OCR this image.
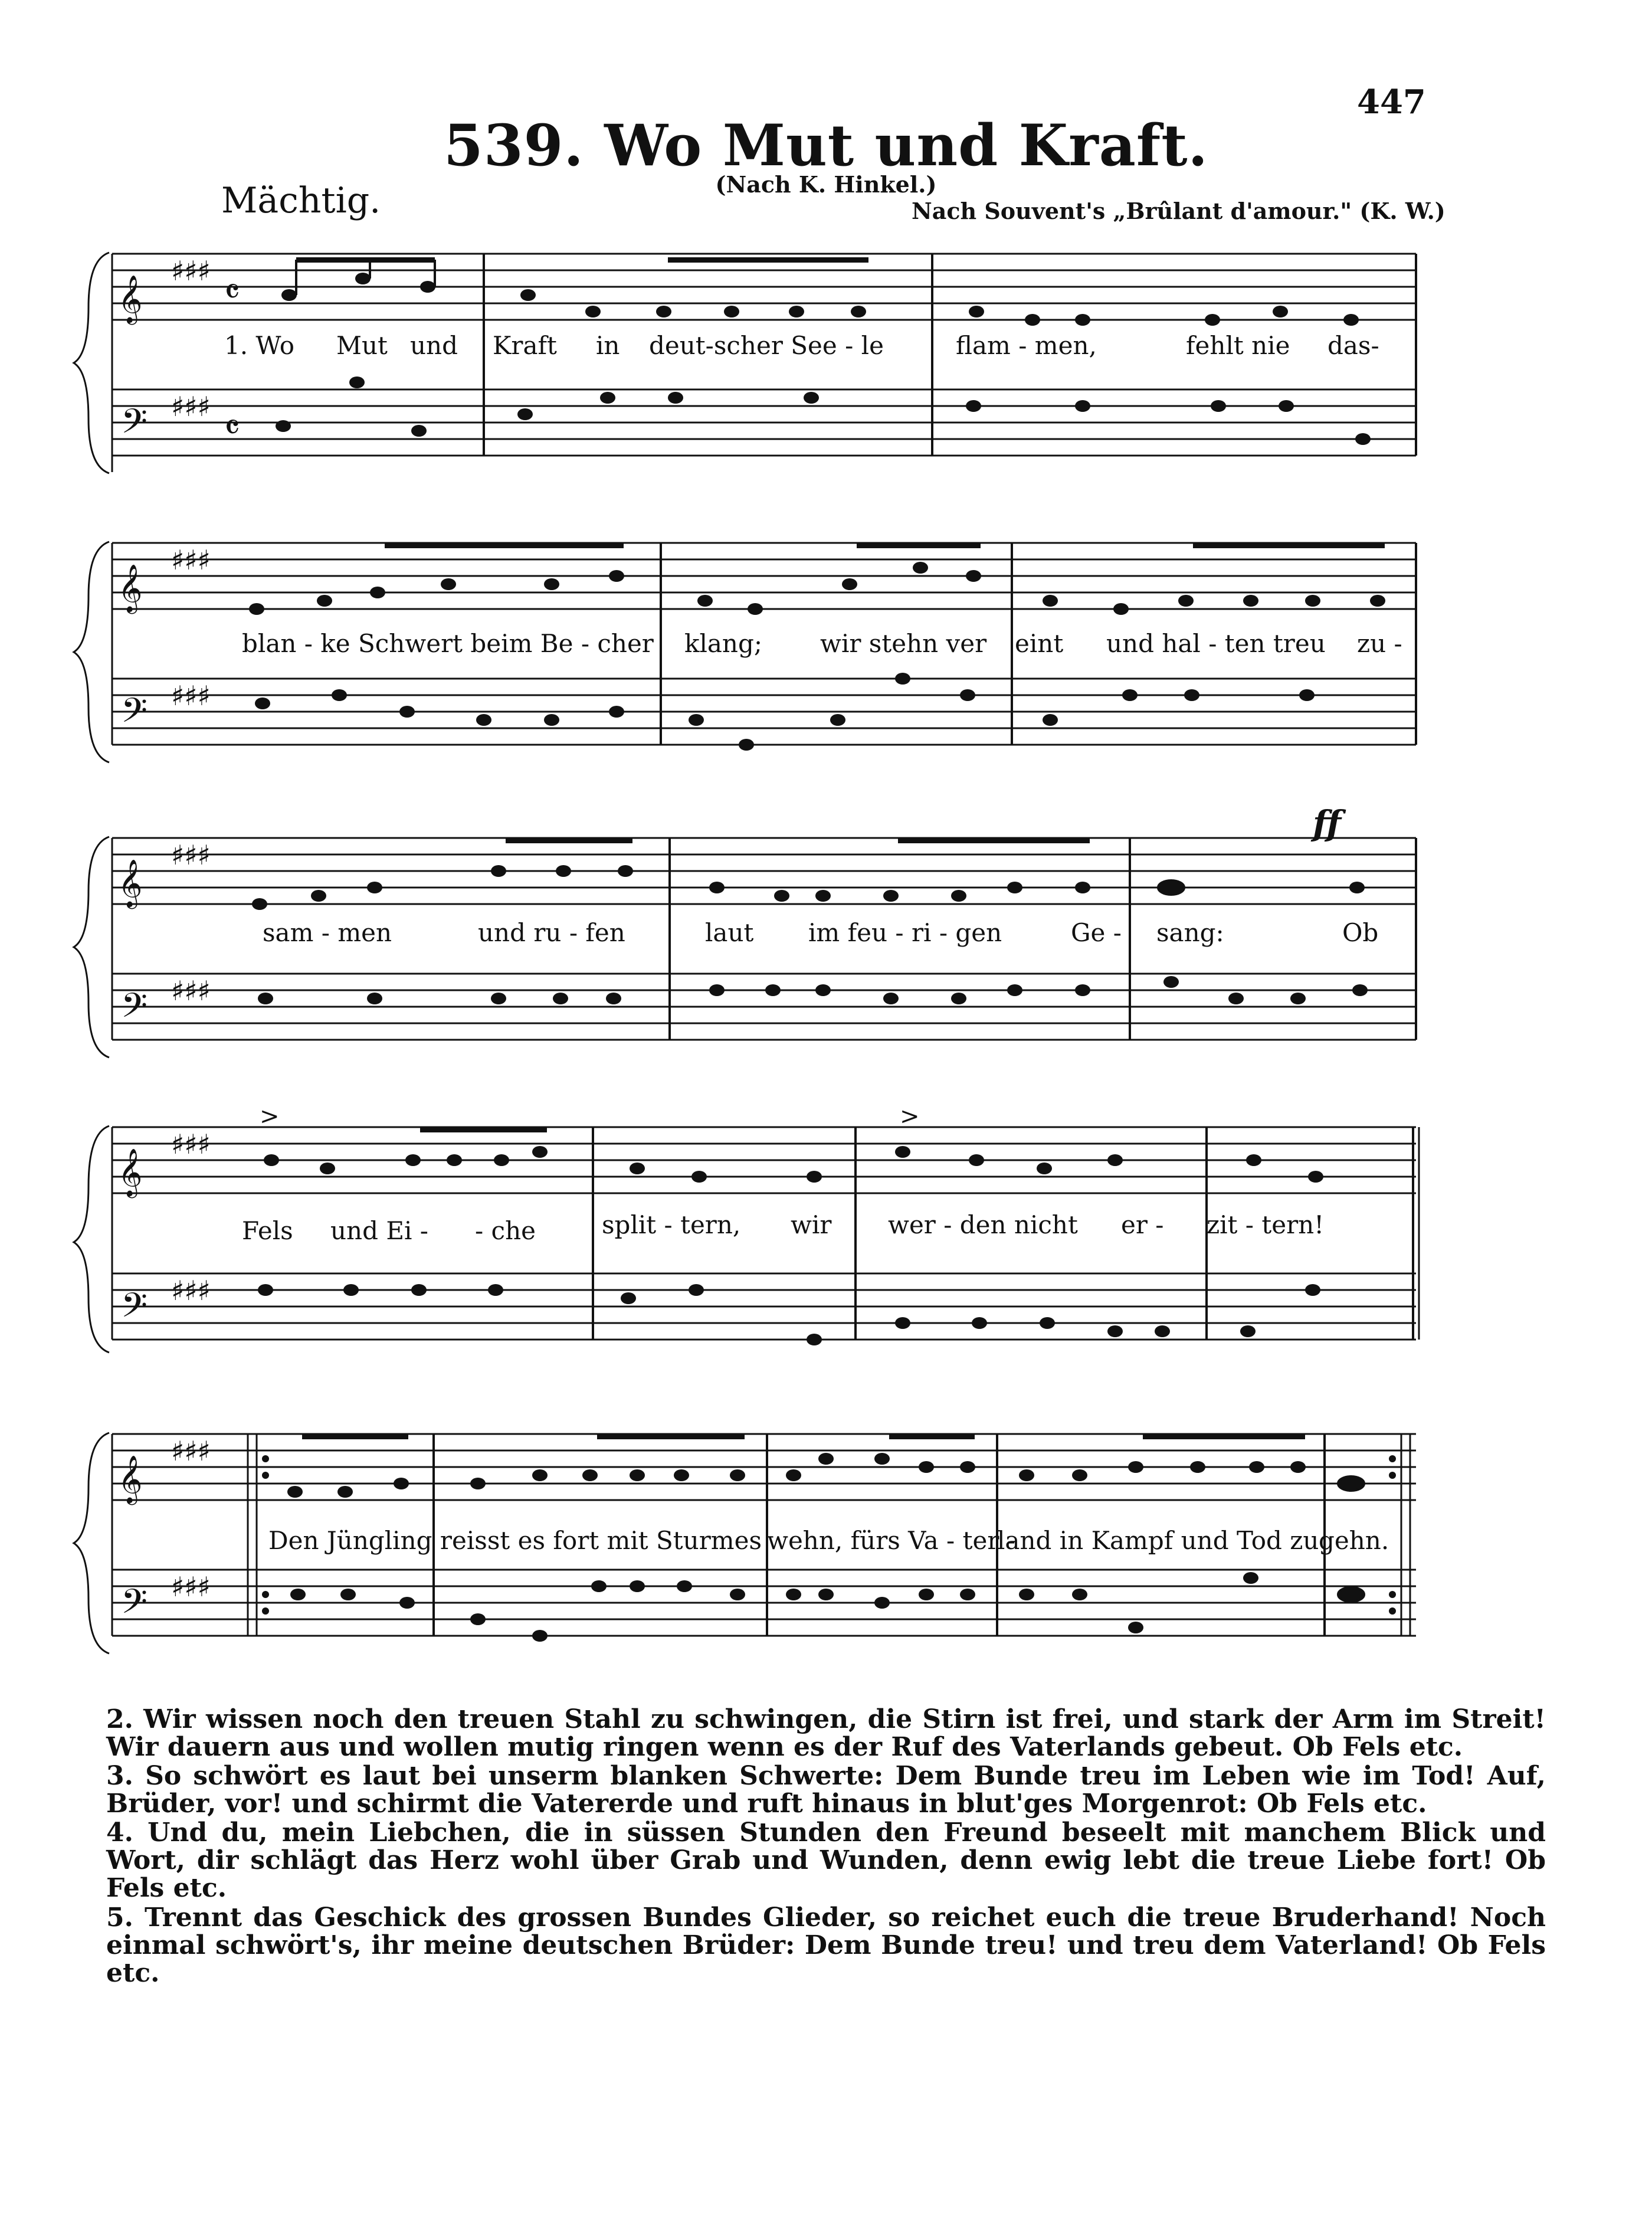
447
539. Wo Mut und Kraft.
(Nach K. Hinkel.)
Mächtig.	Nach Souvent's „Brûlant d'amour." (K. W.)
𝄞
𝄢
♯♯♯
♯♯♯
𝄴
𝄴
1. Wo Mut und Kraft in deut-scher See - le	flam - men,	fehlt nie das-
𝄞
𝄢
♯♯♯
♯♯♯
blan - ke Schwert beim Be - cher klang; wir stehn ver eint und hal - ten treu zu -
𝄞
𝄢
♯♯♯
♯♯♯
ff
sam - men	und ru - fen	laut im feu - ri - gen	Ge - sang:	Ob
𝄞
𝄢
♯♯♯
♯♯♯
>	>
Fels und Ei - - che	split - tern, wir wer - den nicht er - zit - tern!
𝄞
𝄢
♯♯♯
♯♯♯
Den Jüngling reisst es fort mit Sturmes wehn, fürs Va - ter -
land in Kampf und Tod zu gehn.

2. Wir wissen noch den treuen Stahl zu schwingen, die Stirn ist frei, und stark der Arm im Streit! Wir dauern aus und wollen mutig ringen wenn es der Ruf des Vaterlands gebeut. Ob Fels etc.

3. So schwört es laut bei unserm blanken Schwerte: Dem Bunde treu im Leben wie im Tod! Auf, Brüder, vor! und schirmt die Vatererde und ruft hinaus in blut'ges Morgenrot: Ob Fels etc.

4. Und du, mein Liebchen, die in süssen Stunden den Freund beseelt mit manchem Blick und Wort, dir schlägt das Herz wohl über Grab und Wunden, denn ewig lebt die treue Liebe fort! Ob Fels etc.

5. Trennt das Geschick des grossen Bundes Glieder, so reichet euch die treue Bruderhand! Noch einmal schwört's, ihr meine deutschen Brüder: Dem Bunde treu! und treu dem Vaterland! Ob Fels etc.
